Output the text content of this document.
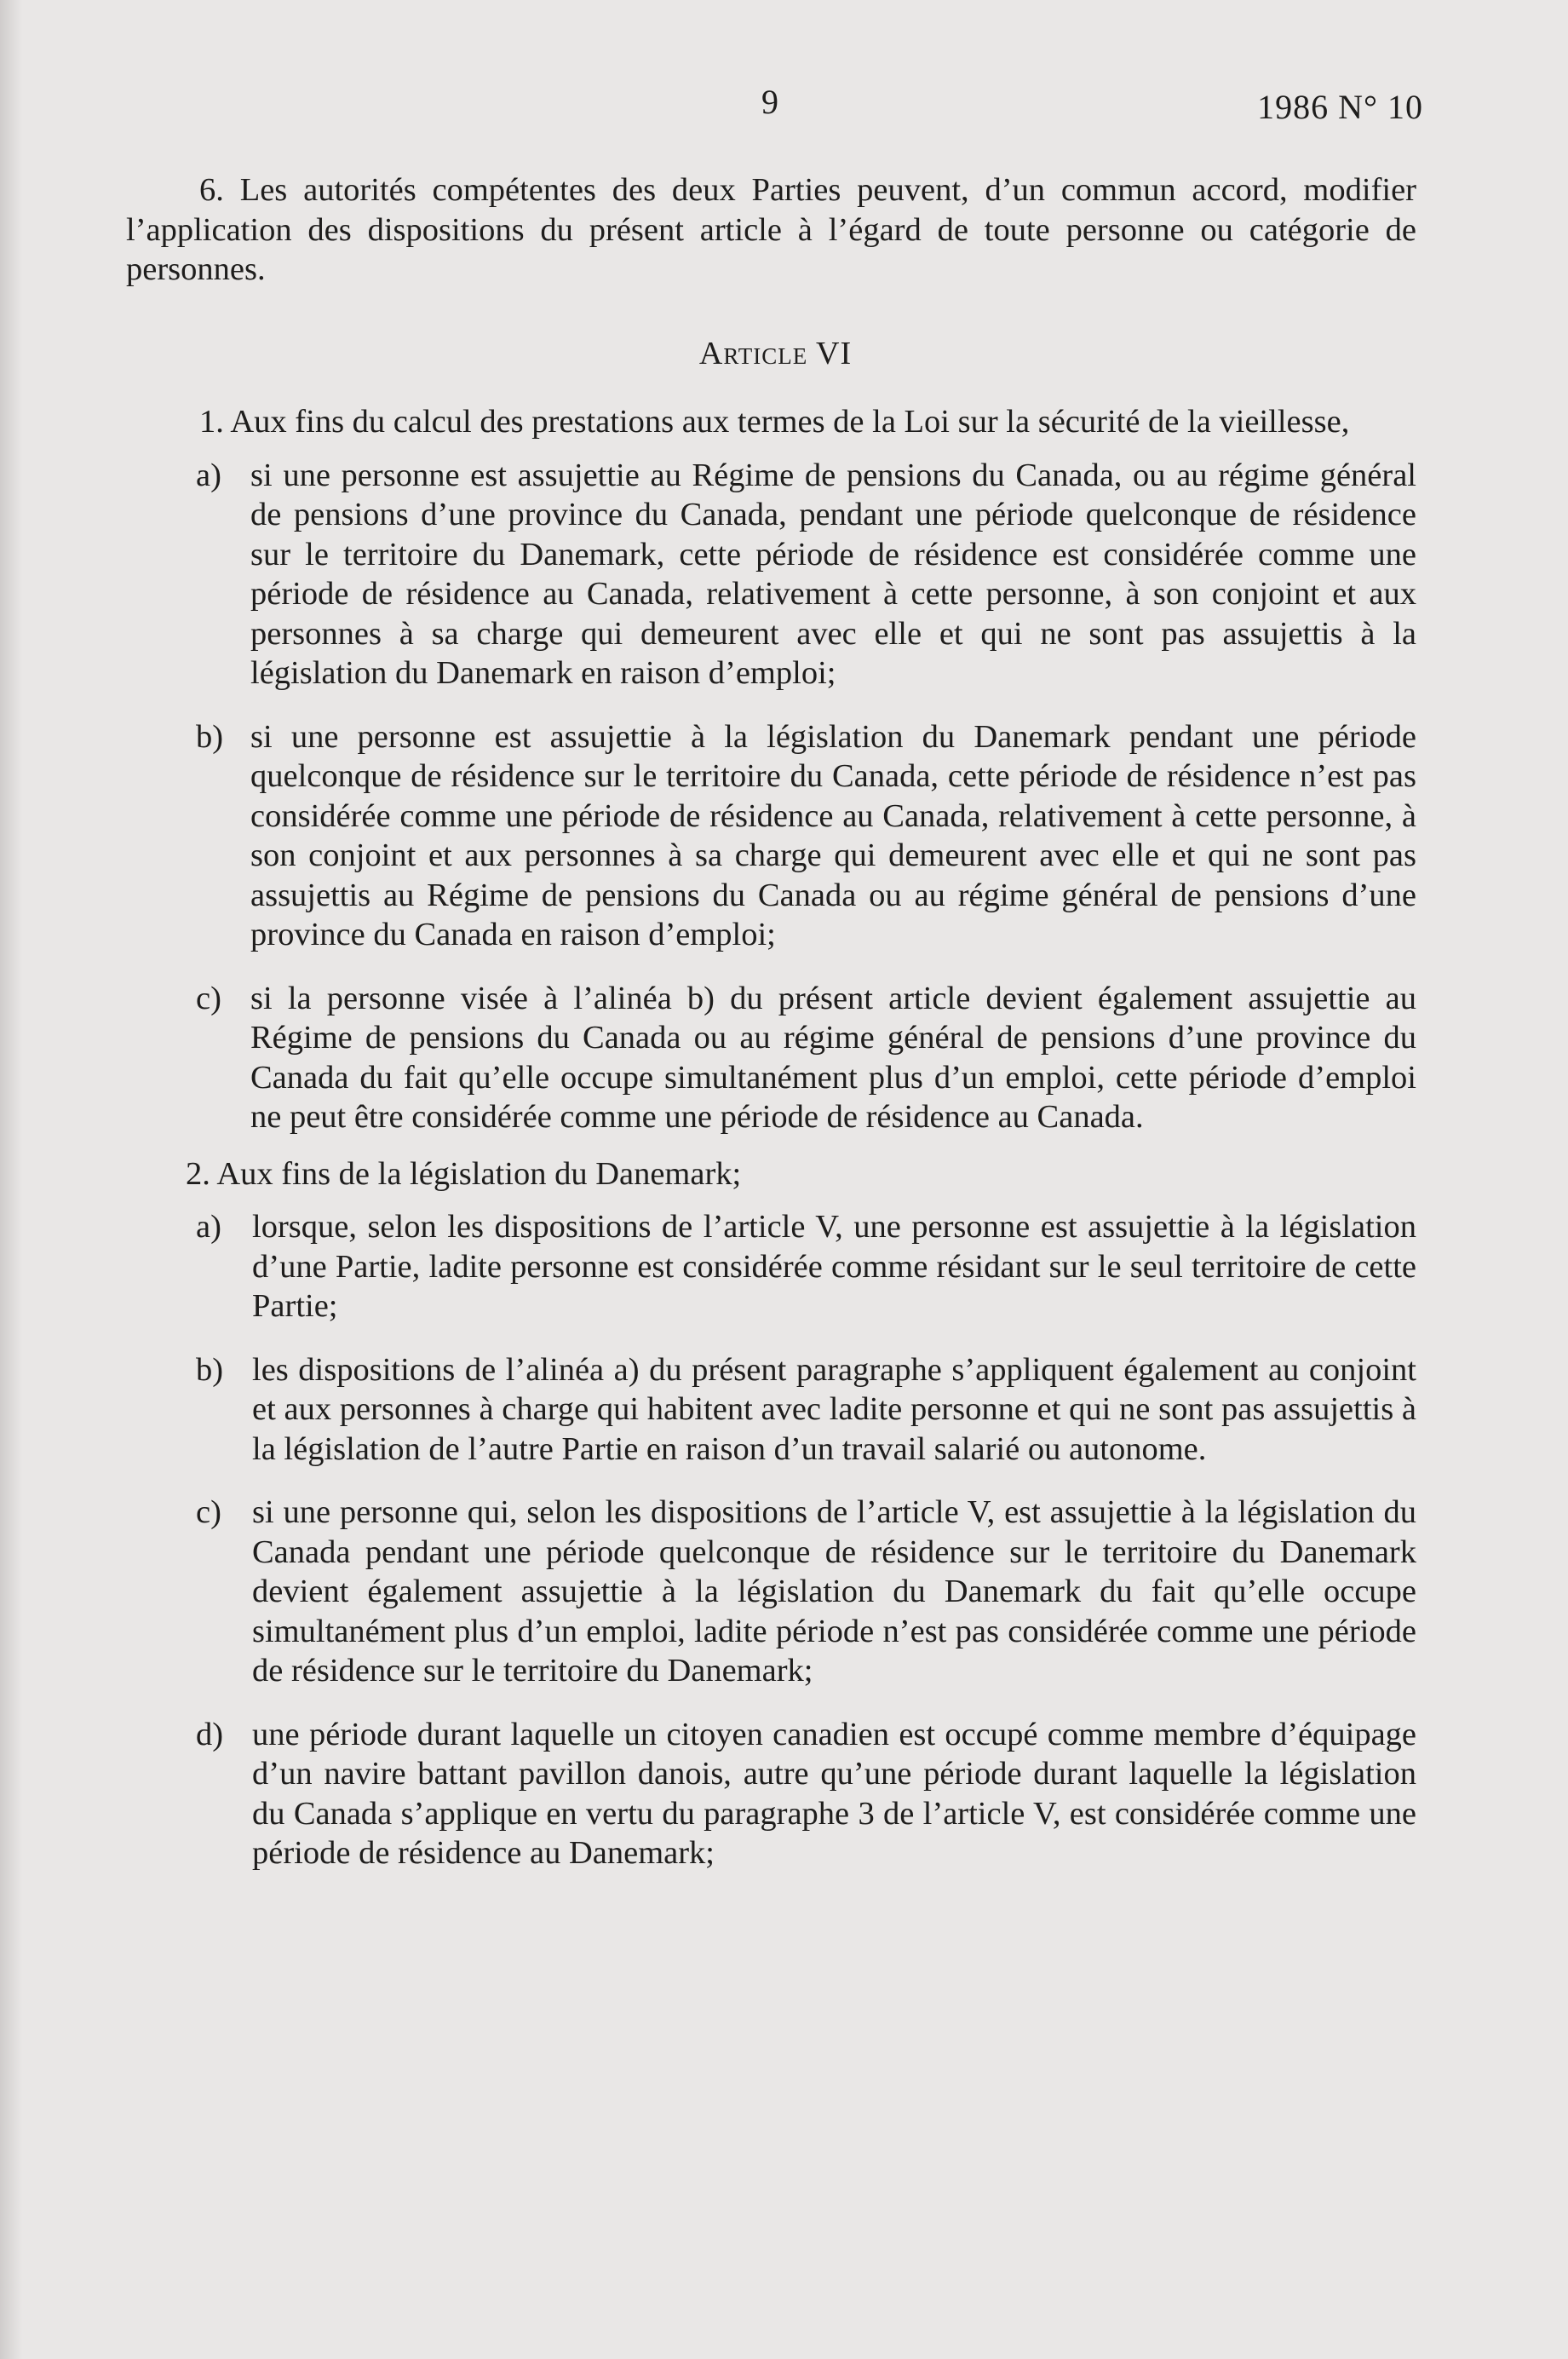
9	1986 N° 10

6. Les autorités compétentes des deux Parties peuvent, d’un commun accord, modifier l’application des dispositions du présent article à l’égard de toute personne ou catégorie de personnes.

Article VI

1. Aux fins du calcul des prestations aux termes de la Loi sur la sécurité de la vieillesse,

a) si une personne est assujettie au Régime de pensions du Canada, ou au régime général de pensions d’une province du Canada, pendant une période quelconque de résidence sur le territoire du Danemark, cette période de résidence est considérée comme une période de résidence au Canada, relativement à cette personne, à son conjoint et aux personnes à sa charge qui demeurent avec elle et qui ne sont pas assujettis à la législation du Danemark en raison d’emploi;
b) si une personne est assujettie à la législation du Danemark pendant une période quelconque de résidence sur le territoire du Canada, cette période de résidence n’est pas considérée comme une période de résidence au Canada, relativement à cette personne, à son conjoint et aux personnes à sa charge qui demeurent avec elle et qui ne sont pas assujettis au Régime de pensions du Canada ou au régime général de pensions d’une province du Canada en raison d’emploi;
c) si la personne visée à l’alinéa b) du présent article devient également assujettie au Régime de pensions du Canada ou au régime général de pensions d’une province du Canada du fait qu’elle occupe simultanément plus d’un emploi, cette période d’emploi ne peut être considérée comme une période de résidence au Canada.

2. Aux fins de la législation du Danemark;

a) lorsque, selon les dispositions de l’article V, une personne est assujettie à la législation d’une Partie, ladite personne est considérée comme résidant sur le seul territoire de cette Partie;
b) les dispositions de l’alinéa a) du présent paragraphe s’appliquent également au conjoint et aux personnes à charge qui habitent avec ladite personne et qui ne sont pas assujettis à la législation de l’autre Partie en raison d’un travail salarié ou autonome.
c) si une personne qui, selon les dispositions de l’article V, est assujettie à la législation du Canada pendant une période quelconque de résidence sur le territoire du Danemark devient également assujettie à la législation du Danemark du fait qu’elle occupe simultanément plus d’un emploi, ladite période n’est pas considérée comme une période de résidence sur le territoire du Danemark;
d) une période durant laquelle un citoyen canadien est occupé comme membre d’équipage d’un navire battant pavillon danois, autre qu’une période durant laquelle la législation du Canada s’applique en vertu du paragraphe 3 de l’article V, est considérée comme une période de résidence au Danemark;
